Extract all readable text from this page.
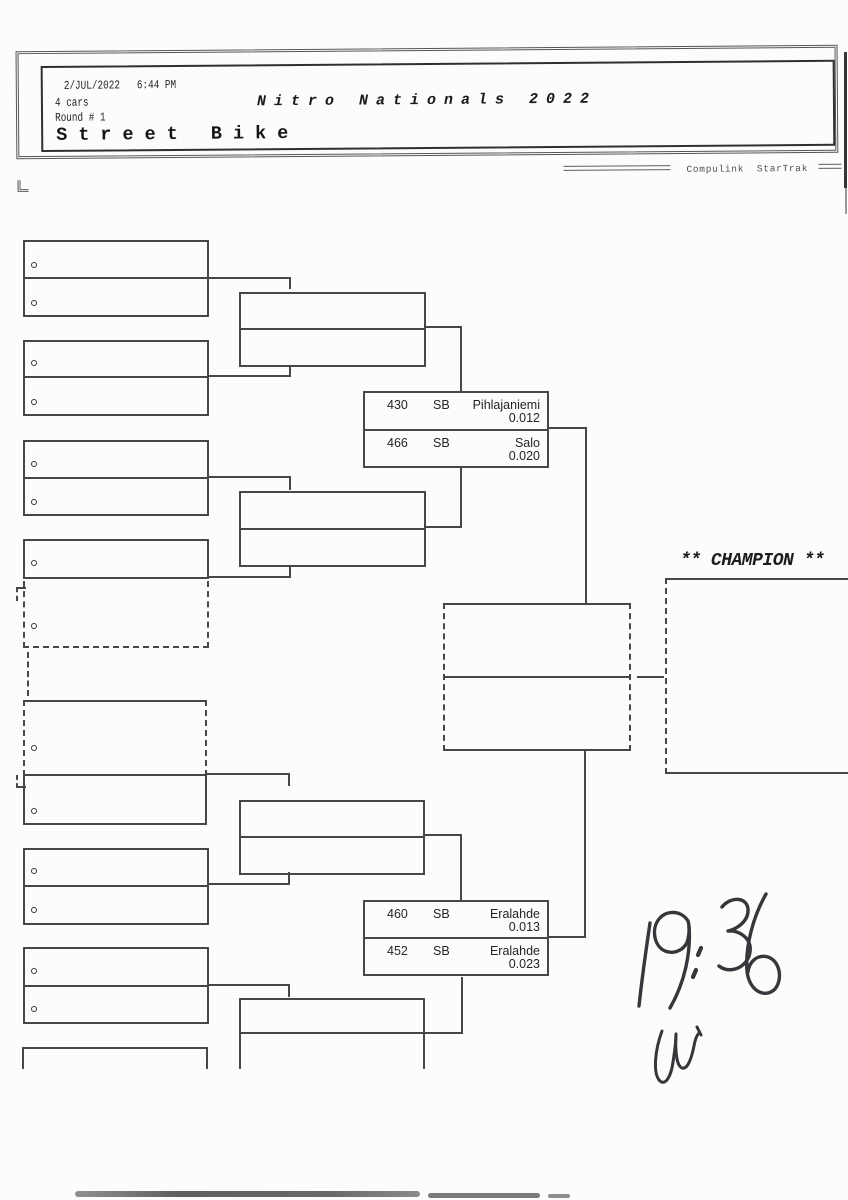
2/JUL/2022   6:44 PM
4 cars
Round # 1
Nitro Nationals 2022
Street Bike
Compulink  StarTrak
430 SB Pihlajaniemi
0.012
466 SB	Salo
0.020
460 SB	Eralahde
0.013
452 SB	Eralahde
0.023
** CHAMPION **
